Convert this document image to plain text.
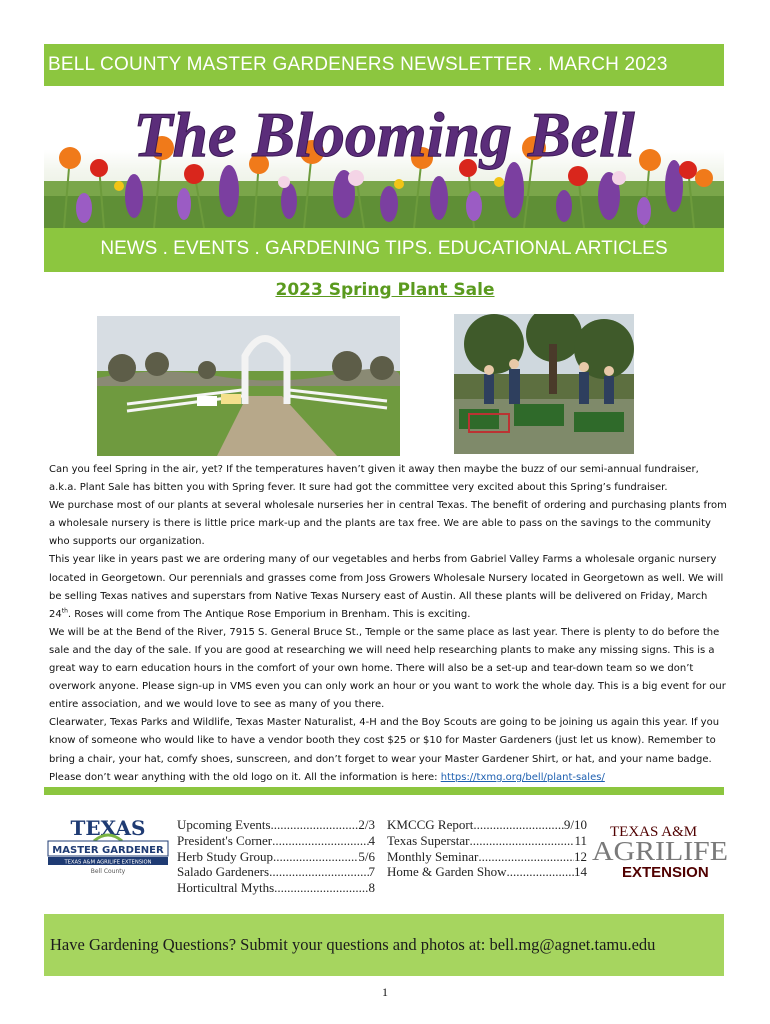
BELL COUNTY MASTER GARDENERS NEWSLETTER . MARCH 2023
The Blooming Bell
NEWS . EVENTS . GARDENING TIPS. EDUCATIONAL ARTICLES
2023 Spring Plant Sale

Can you feel Spring in the air, yet? If the temperatures haven’t given it away then maybe the buzz of our semi-annual fundraiser, a.k.a. Plant Sale has bitten you with Spring fever. It sure had got the committee very excited about this Spring’s fundraiser.

We purchase most of our plants at several wholesale nurseries her in central Texas. The benefit of ordering and purchasing plants from a wholesale nursery is there is little price mark-up and the plants are tax free. We are able to pass on the savings to the community who supports our organization.

This year like in years past we are ordering many of our vegetables and herbs from Gabriel Valley Farms a wholesale organic nursery located in Georgetown. Our perennials and grasses come from Joss Growers Wholesale Nursery located in Georgetown as well. We will be selling Texas natives and superstars from Native Texas Nursery east of Austin. All these plants will be delivered on Friday, March 24th. Roses will come from The Antique Rose Emporium in Brenham. This is exciting.

We will be at the Bend of the River, 7915 S. General Bruce St., Temple or the same place as last year. There is plenty to do before the sale and the day of the sale. If you are good at researching we will need help researching plants to make any missing signs. This is a great way to earn education hours in the comfort of your own home. There will also be a set-up and tear-down team so we don’t overwork anyone. Please sign-up in VMS even you can only work an hour or you want to work the whole day. This is a big event for our entire association, and we would love to see as many of you there.

Clearwater, Texas Parks and Wildlife, Texas Master Naturalist, 4-H and the Boy Scouts are going to be joining us again this year. If you know of someone who would like to have a vendor booth they cost $25 or $10 for Master Gardeners (just let us know). Remember to bring a chair, your hat, comfy shoes, sunscreen, and don’t forget to wear your Master Gardener Shirt, or hat, and your name badge. Please don’t wear anything with the old logo on it. All the information is here: https://txmg.org/bell/plant-sales/

TEXAS
MASTER GARDENER
TEXAS A&M AGRILIFE EXTENSION
Bell County
Upcoming Events .....	2/3
President's Corner .....	4
Herb Study Group .....	5/6
Salado Gardeners .....	7
Horticultral Myths .....	8
KMCCG Report .....	9/10
Texas Superstar .....	11
Monthly Seminar .....	12
Home & Garden Show .....	14
TEXAS A&M
AGRILIFE
EXTENSION
Have Gardening Questions? Submit your questions and photos at: bell.mg@agnet.tamu.edu
1
